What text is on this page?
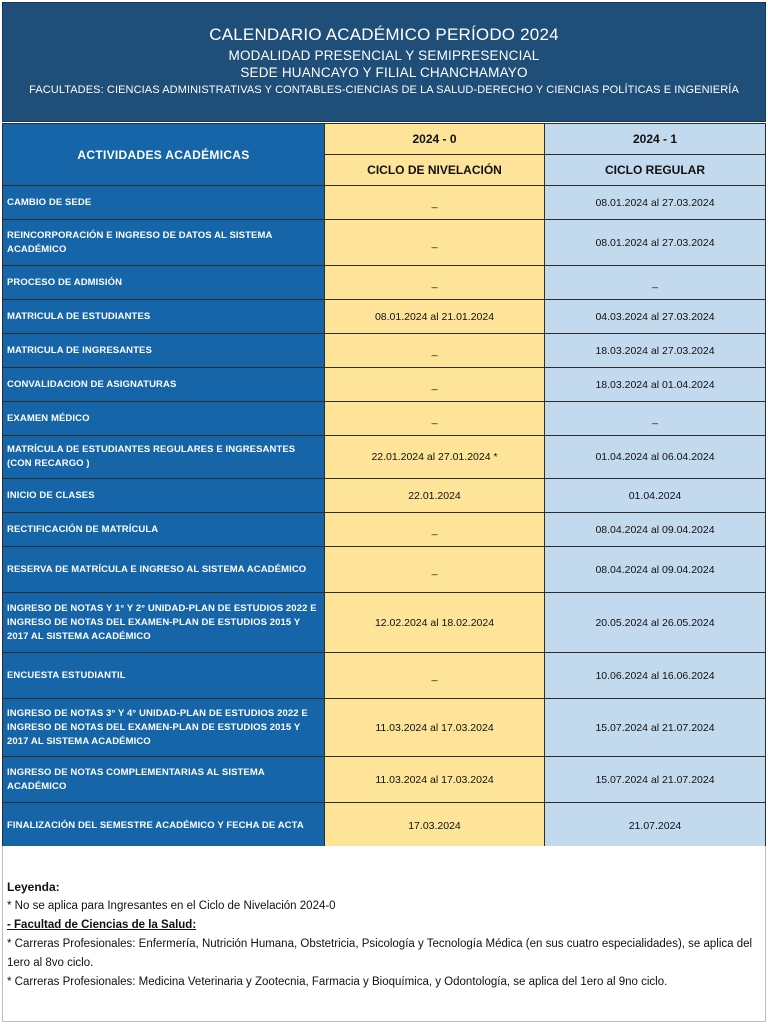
CALENDARIO ACADÉMICO PERÍODO 2024
MODALIDAD PRESENCIAL Y SEMIPRESENCIAL
SEDE HUANCAYO Y FILIAL CHANCHAMAYO
FACULTADES: CIENCIAS ADMINISTRATIVAS Y CONTABLES-CIENCIAS DE LA SALUD-DERECHO Y CIENCIAS POLÍTICAS E INGENIERÍA
ACTIVIDADES ACADÉMICAS	2024 - 0	2024 - 1
	CICLO DE NIVELACIÓN	CICLO REGULAR
CAMBIO DE SEDE	_	08.01.2024 al 27.03.2024
REINCORPORACIÓN E INGRESO DE DATOS AL SISTEMA ACADÉMICO	_	08.01.2024 al 27.03.2024
PROCESO DE ADMISIÓN	_	_
MATRICULA DE ESTUDIANTES	08.01.2024 al 21.01.2024	04.03.2024 al 27.03.2024
MATRICULA DE INGRESANTES	_	18.03.2024 al 27.03.2024
CONVALIDACION DE ASIGNATURAS	_	18.03.2024 al 01.04.2024
EXAMEN MÉDICO	_	_
MATRÍCULA DE ESTUDIANTES REGULARES E INGRESANTES (CON RECARGO )	22.01.2024 al 27.01.2024 *	01.04.2024 al 06.04.2024
INICIO DE CLASES	22.01.2024	01.04.2024
RECTIFICACIÓN DE MATRÍCULA	_	08.04.2024 al 09.04.2024
RESERVA DE MATRÍCULA E INGRESO AL SISTEMA ACADÉMICO	_	08.04.2024 al 09.04.2024
INGRESO DE NOTAS Y 1° Y 2° UNIDAD-PLAN DE ESTUDIOS 2022 E INGRESO DE NOTAS DEL EXAMEN-PLAN DE ESTUDIOS 2015 Y 2017 AL SISTEMA ACADÉMICO	12.02.2024 al 18.02.2024	20.05.2024 al 26.05.2024
ENCUESTA ESTUDIANTIL	_	10.06.2024 al 16.06.2024
INGRESO DE NOTAS 3° Y 4° UNIDAD-PLAN DE ESTUDIOS 2022 E INGRESO DE NOTAS DEL EXAMEN-PLAN DE ESTUDIOS 2015 Y 2017 AL SISTEMA ACADÉMICO	11.03.2024 al 17.03.2024	15.07.2024 al 21.07.2024
INGRESO DE NOTAS COMPLEMENTARIAS AL SISTEMA ACADÉMICO	11.03.2024 al 17.03.2024	15.07.2024 al 21.07.2024
FINALIZACIÓN DEL SEMESTRE ACADÉMICO Y FECHA DE ACTA	17.03.2024	21.07.2024
Leyenda:
* No se aplica para Ingresantes en el Ciclo de Nivelación 2024-0
- Facultad de Ciencias de la Salud:
* Carreras Profesionales: Enfermería, Nutrición Humana, Obstetricia, Psicología y Tecnología Médica (en sus cuatro especialidades), se aplica del 1ero al 8vo ciclo.
* Carreras Profesionales: Medicina Veterinaria y Zootecnia, Farmacia y Bioquímica, y Odontología, se aplica del 1ero al 9no ciclo.
